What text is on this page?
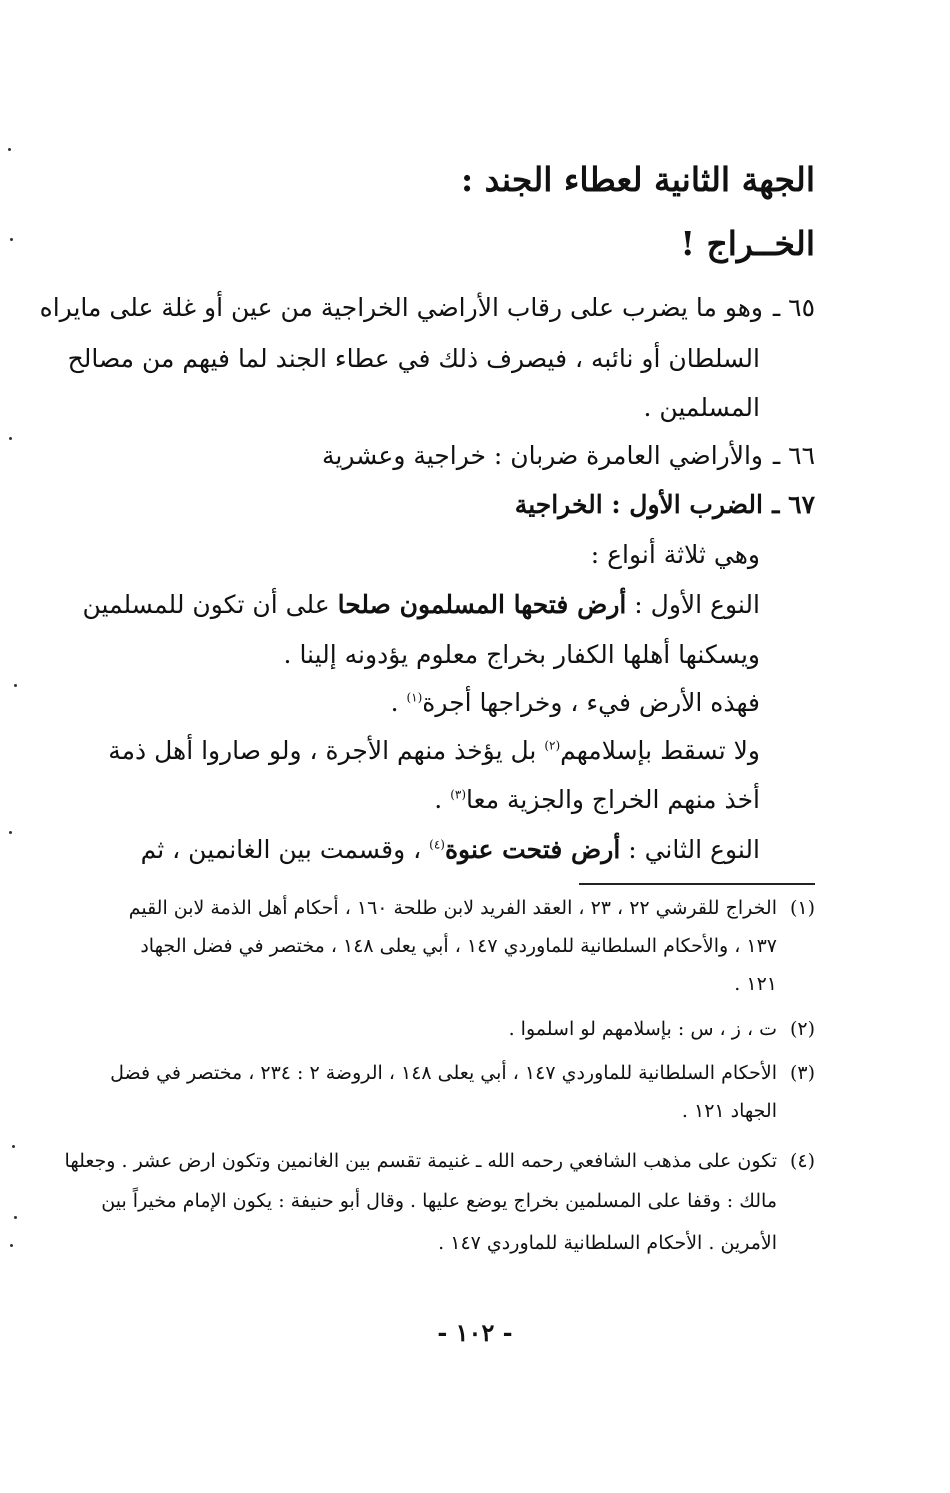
الجهة الثانية لعطاء الجند :
الخــراج !
٦٥ ـوهو ما يضرب على رقاب الأراضي الخراجية من عين أو غلة على مايراه
السلطان أو نائبه ، فيصرف ذلك في عطاء الجند لما فيهم من مصالح
المسلمين .
٦٦ ـوالأراضي العامرة ضربان : خراجية وعشرية
٦٧ ـالضرب الأول : الخراجية
وهي ثلاثة أنواع :
النوع الأول : أرض فتحها المسلمون صلحا على أن تكون للمسلمين
ويسكنها أهلها الكفار بخراج معلوم يؤدونه إلينا .
فهذه الأرض فيء ، وخراجها أجرة$^{(١)}$ .
ولا تسقط بإسلامهم$^{(٢)}$ بل يؤخذ منهم الأجرة ، ولو صاروا أهل ذمة
أخذ منهم الخراج والجزية معا$^{(٣)}$ .
النوع الثاني : أرض فتحت عنوة$^{(٤)}$ ، وقسمت بين الغانمين ، ثم
(١)الخراج للقرشي ٢٢ ، ٢٣ ، العقد الفريد لابن طلحة ١٦٠ ، أحكام أهل الذمة لابن القيم
١٣٧ ، والأحكام السلطانية للماوردي ١٤٧ ، أبي يعلى ١٤٨ ، مختصر في فضل الجهاد
١٢١ .
(٢)ت ، ز ، س : بإسلامهم لو اسلموا .
(٣)الأحكام السلطانية للماوردي ١٤٧ ، أبي يعلى ١٤٨ ، الروضة ٢ : ٢٣٤ ، مختصر في فضل
الجهاد ١٢١ .
(٤)تكون على مذهب الشافعي رحمه الله ـ غنيمة تقسم بين الغانمين وتكون ارض عشر . وجعلها
مالك : وقفا على المسلمين بخراج يوضع عليها . وقال أبو حنيفة : يكون الإمام مخيراً بين
الأمرين . الأحكام السلطانية للماوردي ١٤٧ .
- ١٠٢ -
